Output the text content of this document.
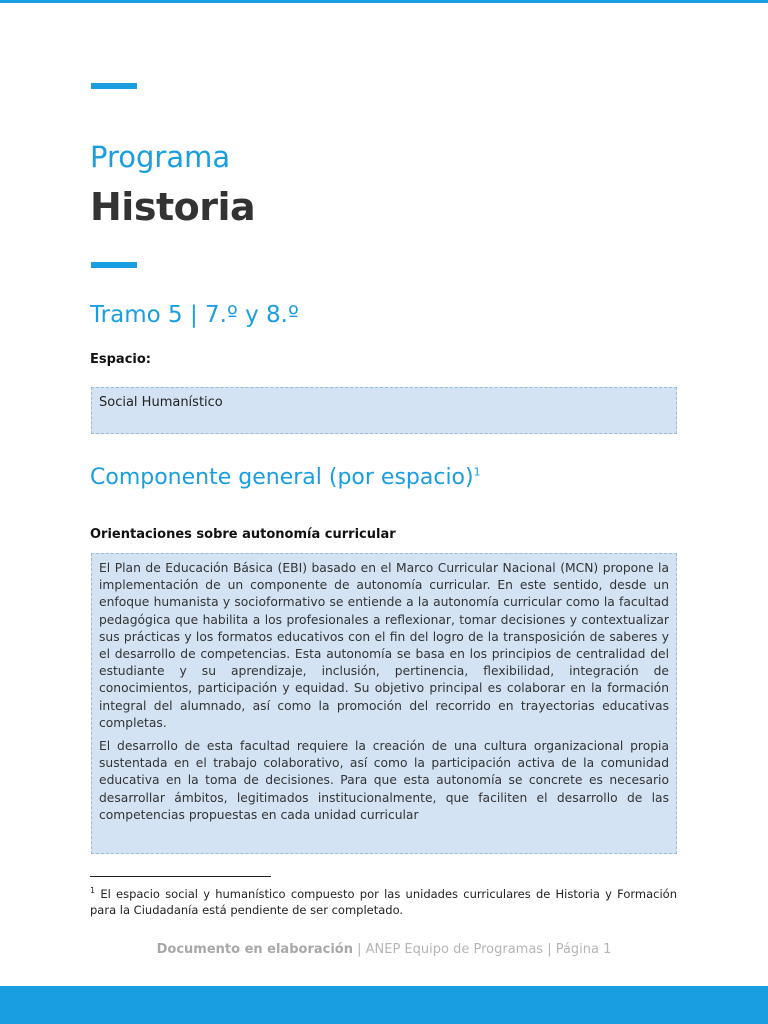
Programa
Historia
Tramo 5 | 7.º y 8.º
Espacio:
Social Humanístico
Componente general (por espacio)$^1$
Orientaciones sobre autonomía curricular

El Plan de Educación Básica (EBI) basado en el Marco Curricular Nacional (MCN) propone la implementación de un componente de autonomía curricular. En este sentido, desde un enfoque humanista y socioformativo se entiende a la autonomía curricular como la facultad pedagógica que habilita a los profesionales a reflexionar, tomar decisiones y contextualizar sus prácticas y los formatos educativos con el fin del logro de la transposición de saberes y el desarrollo de competencias. Esta autonomía se basa en los principios de centralidad del estudiante y su aprendizaje, inclusión, pertinencia, flexibilidad, integración de conocimientos, participación y equidad. Su objetivo principal es colaborar en la formación integral del alumnado, así como la promoción del recorrido en trayectorias educativas completas.

El desarrollo de esta facultad requiere la creación de una cultura organizacional propia sustentada en el trabajo colaborativo, así como la participación activa de la comunidad educativa en la toma de decisiones. Para que esta autonomía se concrete es necesario desarrollar ámbitos, legitimados institucionalmente, que faciliten el desarrollo de las competencias propuestas en cada unidad curricular

$^1$ El espacio social y humanístico compuesto por las unidades curriculares de Historia y Formación para la Ciudadanía está pendiente de ser completado.
Documento en elaboración | ANEP Equipo de Programas | Página 1
